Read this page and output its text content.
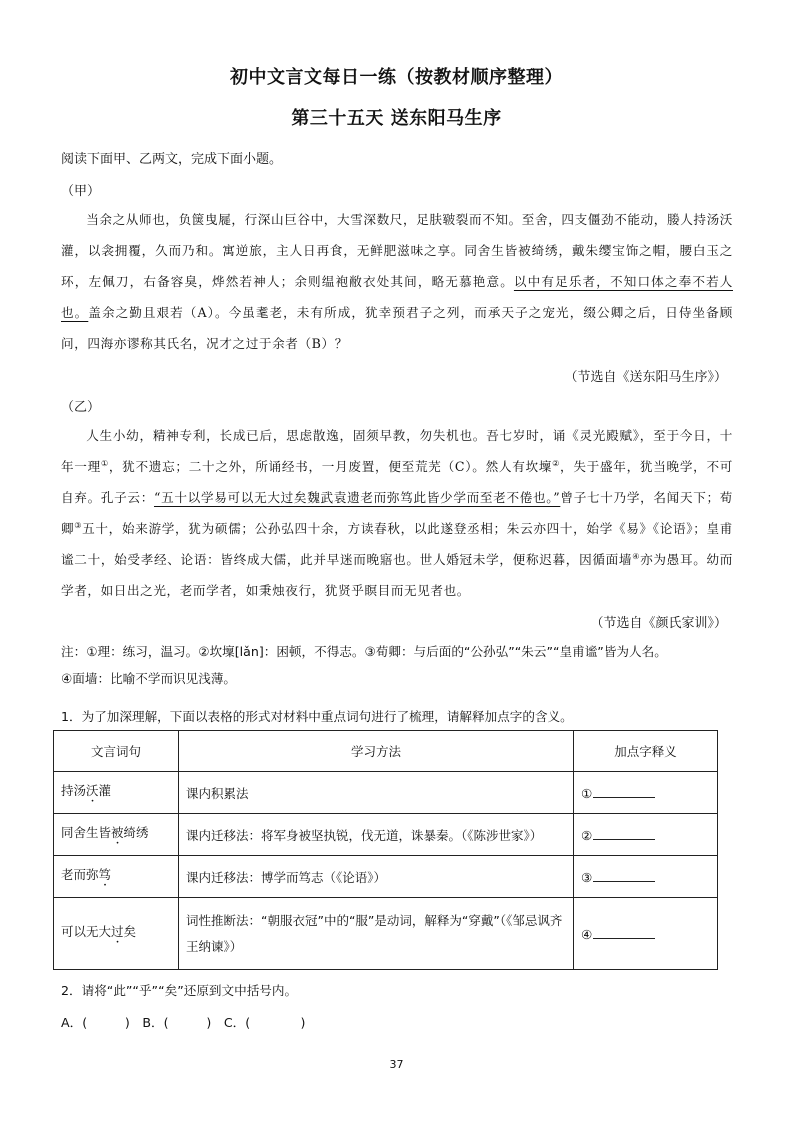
初中文言文每日一练（按教材顺序整理）
第三十五天 送东阳马生序
阅读下面甲、乙两文，完成下面小题。
（甲）

当余之从师也，负箧曳屣，行深山巨谷中，大雪深数尺，足肤皲裂而不知。至舍，四支僵劲不能动，媵人持汤沃灌，以衾拥覆，久而乃和。寓逆旅，主人日再食，无鲜肥滋味之享。同舍生皆被绮绣，戴朱缨宝饰之帽，腰白玉之环，左佩刀，右备容臭，烨然若神人；余则缊袍敝衣处其间，略无慕艳意。以中有足乐者，不知口体之奉不若人也。盖余之勤且艰若（A）。今虽耄老，未有所成，犹幸预君子之列，而承天子之宠光，缀公卿之后，日侍坐备顾问，四海亦谬称其氏名，况才之过于余者（B）？

（节选自《送东阳马生序》）
（乙）

人生小幼，精神专利，长成已后，思虑散逸，固须早教，勿失机也。吾七岁时，诵《灵光殿赋》，至于今日，十年一理①，犹不遗忘；二十之外，所诵经书，一月废置，便至荒芜（C）。然人有坎壈②，失于盛年，犹当晚学，不可自弃。孔子云：“五十以学易可以无大过矣魏武袁遗老而弥笃此皆少学而至老不倦也。”曾子七十乃学，名闻天下；荀卿③五十，始来游学，犹为硕儒；公孙弘四十余，方读春秋，以此遂登丞相；朱云亦四十，始学《易》《论语》；皇甫谧二十，始受孝经、论语：皆终成大儒，此并早迷而晚寤也。世人婚冠未学，便称迟暮，因循面墙④亦为愚耳。幼而学者，如日出之光，老而学者，如秉烛夜行，犹贤乎瞑目而无见者也。

（节选自《颜氏家训》）

注：①理：练习，温习。②坎壈[lǎn]：困顿，不得志。③荀卿：与后面的“公孙弘”“朱云”“皇甫谧”皆为人名。

④面墙：比喻不学而识见浅薄。

1．为了加深理解，下面以表格的形式对材料中重点词句进行了梳理，请解释加点字的含义。
文言词句	学习方法	加点字释义
持汤沃灌	课内积累法	①
同舍生皆被绮绣	课内迁移法：将军身被坚执锐，伐无道，诛暴秦。（《陈涉世家》）	②
老而弥笃	课内迁移法：博学而笃志（《论语》）	③
可以无大过矣	词性推断法：“朝服衣冠”中的“服”是动词，解释为“穿戴”（《邹忌讽齐王纳谏》）	④
2．请将“此”“乎”“矣”还原到文中括号内。
A．(　　　)　B．(　　　)　C．(　　　　)
37
